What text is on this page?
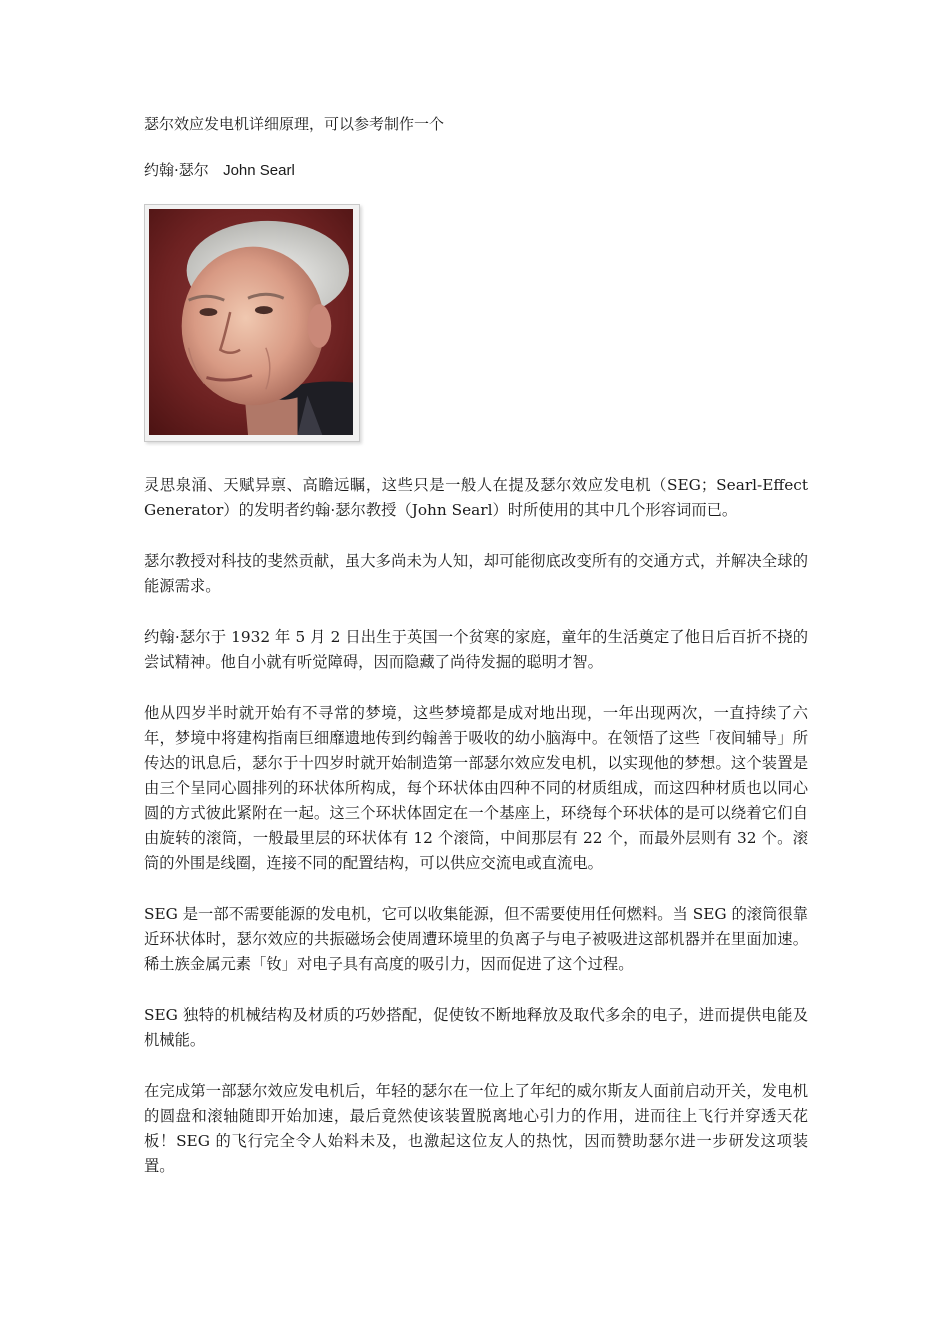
瑟尔效应发电机详细原理，可以参考制作一个
约翰·瑟尔 John Searl

灵思泉涌、天赋异禀、高瞻远瞩，这些只是一般人在提及瑟尔效应发电机（SEG；Searl-Effect Generator）的发明者约翰·瑟尔教授（John Searl）时所使用的其中几个形容词而已。

瑟尔教授对科技的斐然贡献，虽大多尚未为人知，却可能彻底改变所有的交通方式，并解决全球的能源需求。

约翰·瑟尔于 1932 年 5 月 2 日出生于英国一个贫寒的家庭，童年的生活奠定了他日后百折不挠的尝试精神。他自小就有听觉障碍，因而隐藏了尚待发掘的聪明才智。

他从四岁半时就开始有不寻常的梦境，这些梦境都是成对地出现，一年出现两次，一直持续了六年，梦境中将建构指南巨细靡遗地传到约翰善于吸收的幼小脑海中。在领悟了这些「夜间辅导」所传达的讯息后，瑟尔于十四岁时就开始制造第一部瑟尔效应发电机，以实现他的梦想。这个装置是由三个呈同心圆排列的环状体所构成，每个环状体由四种不同的材质组成，而这四种材质也以同心圆的方式彼此紧附在一起。这三个环状体固定在一个基座上，环绕每个环状体的是可以绕着它们自由旋转的滚筒，一般最里层的环状体有 12 个滚筒，中间那层有 22 个，而最外层则有 32 个。滚筒的外围是线圈，连接不同的配置结构，可以供应交流电或直流电。

SEG 是一部不需要能源的发电机，它可以收集能源，但不需要使用任何燃料。当 SEG 的滚筒很靠近环状体时，瑟尔效应的共振磁场会使周遭环境里的负离子与电子被吸进这部机器并在里面加速。稀土族金属元素「钕」对电子具有高度的吸引力，因而促进了这个过程。

SEG 独特的机械结构及材质的巧妙搭配，促使钕不断地释放及取代多余的电子，进而提供电能及机械能。

在完成第一部瑟尔效应发电机后，年轻的瑟尔在一位上了年纪的威尔斯友人面前启动开关，发电机的圆盘和滚轴随即开始加速，最后竟然使该装置脱离地心引力的作用，进而往上飞行并穿透天花板！SEG 的飞行完全令人始料未及，也激起这位友人的热忱，因而赞助瑟尔进一步研发这项装置。
